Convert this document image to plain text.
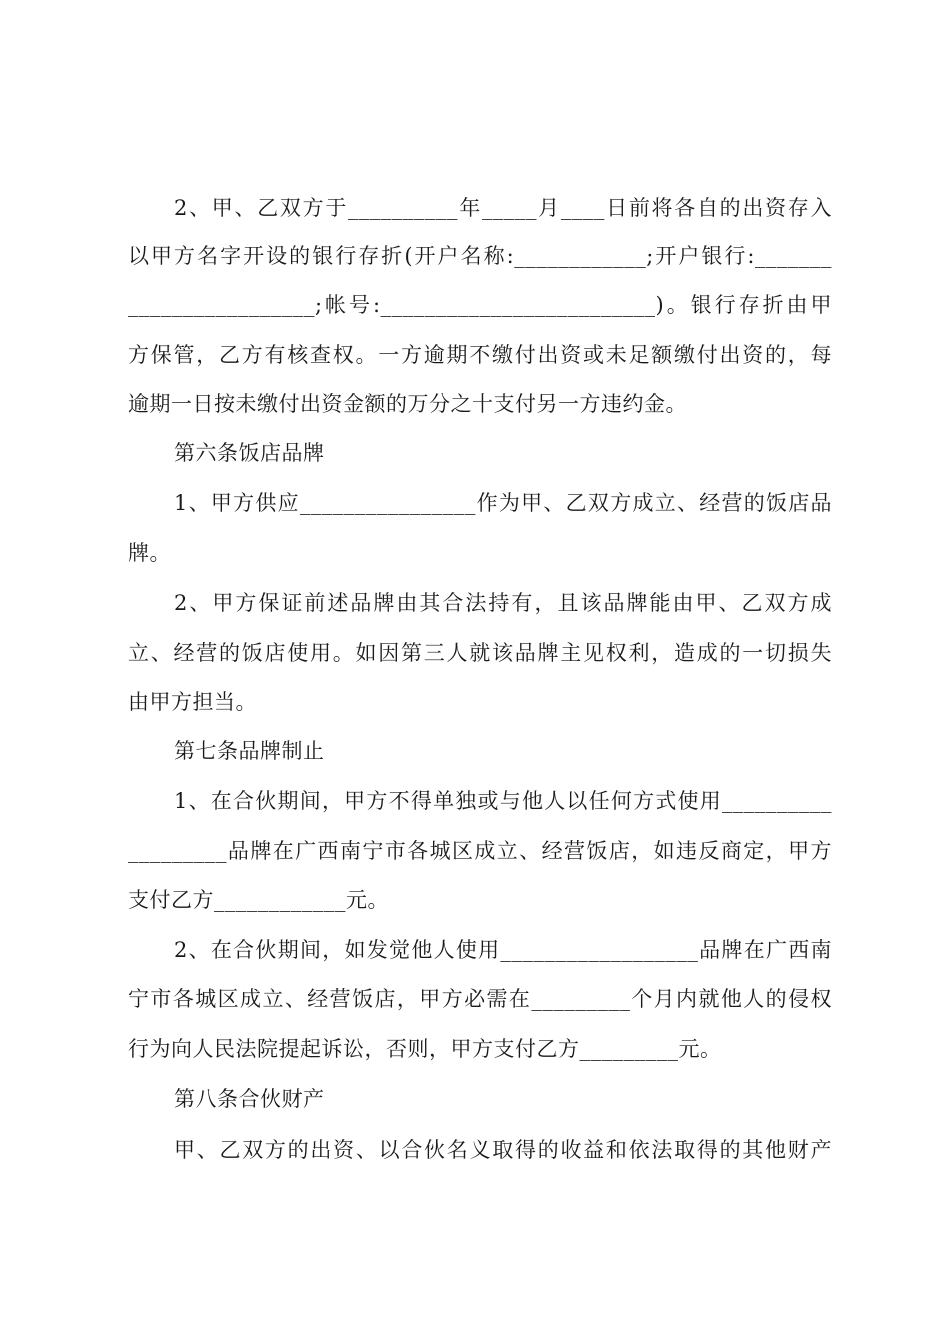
2、甲、乙双方于__________年_____月____日前将各自的出资存入
以甲方名字开设的银行存折(开户名称:____________;开户银行:_______
_________________;帐号:_________________________)。银行存折由甲
方保管，乙方有核查权。一方逾期不缴付出资或未足额缴付出资的，每
逾期一日按未缴付出资金额的万分之十支付另一方违约金。
第六条饭店品牌
1、甲方供应________________作为甲、乙双方成立、经营的饭店品
牌。
2、甲方保证前述品牌由其合法持有，且该品牌能由甲、乙双方成
立、经营的饭店使用。如因第三人就该品牌主见权利，造成的一切损失
由甲方担当。
第七条品牌制止
1、在合伙期间，甲方不得单独或与他人以任何方式使用__________
_________品牌在广西南宁市各城区成立、经营饭店，如违反商定，甲方
支付乙方____________元。
2、在合伙期间，如发觉他人使用__________________品牌在广西南
宁市各城区成立、经营饭店，甲方必需在_________个月内就他人的侵权
行为向人民法院提起诉讼，否则，甲方支付乙方_________元。
第八条合伙财产
甲、乙双方的出资、以合伙名义取得的收益和依法取得的其他财产
